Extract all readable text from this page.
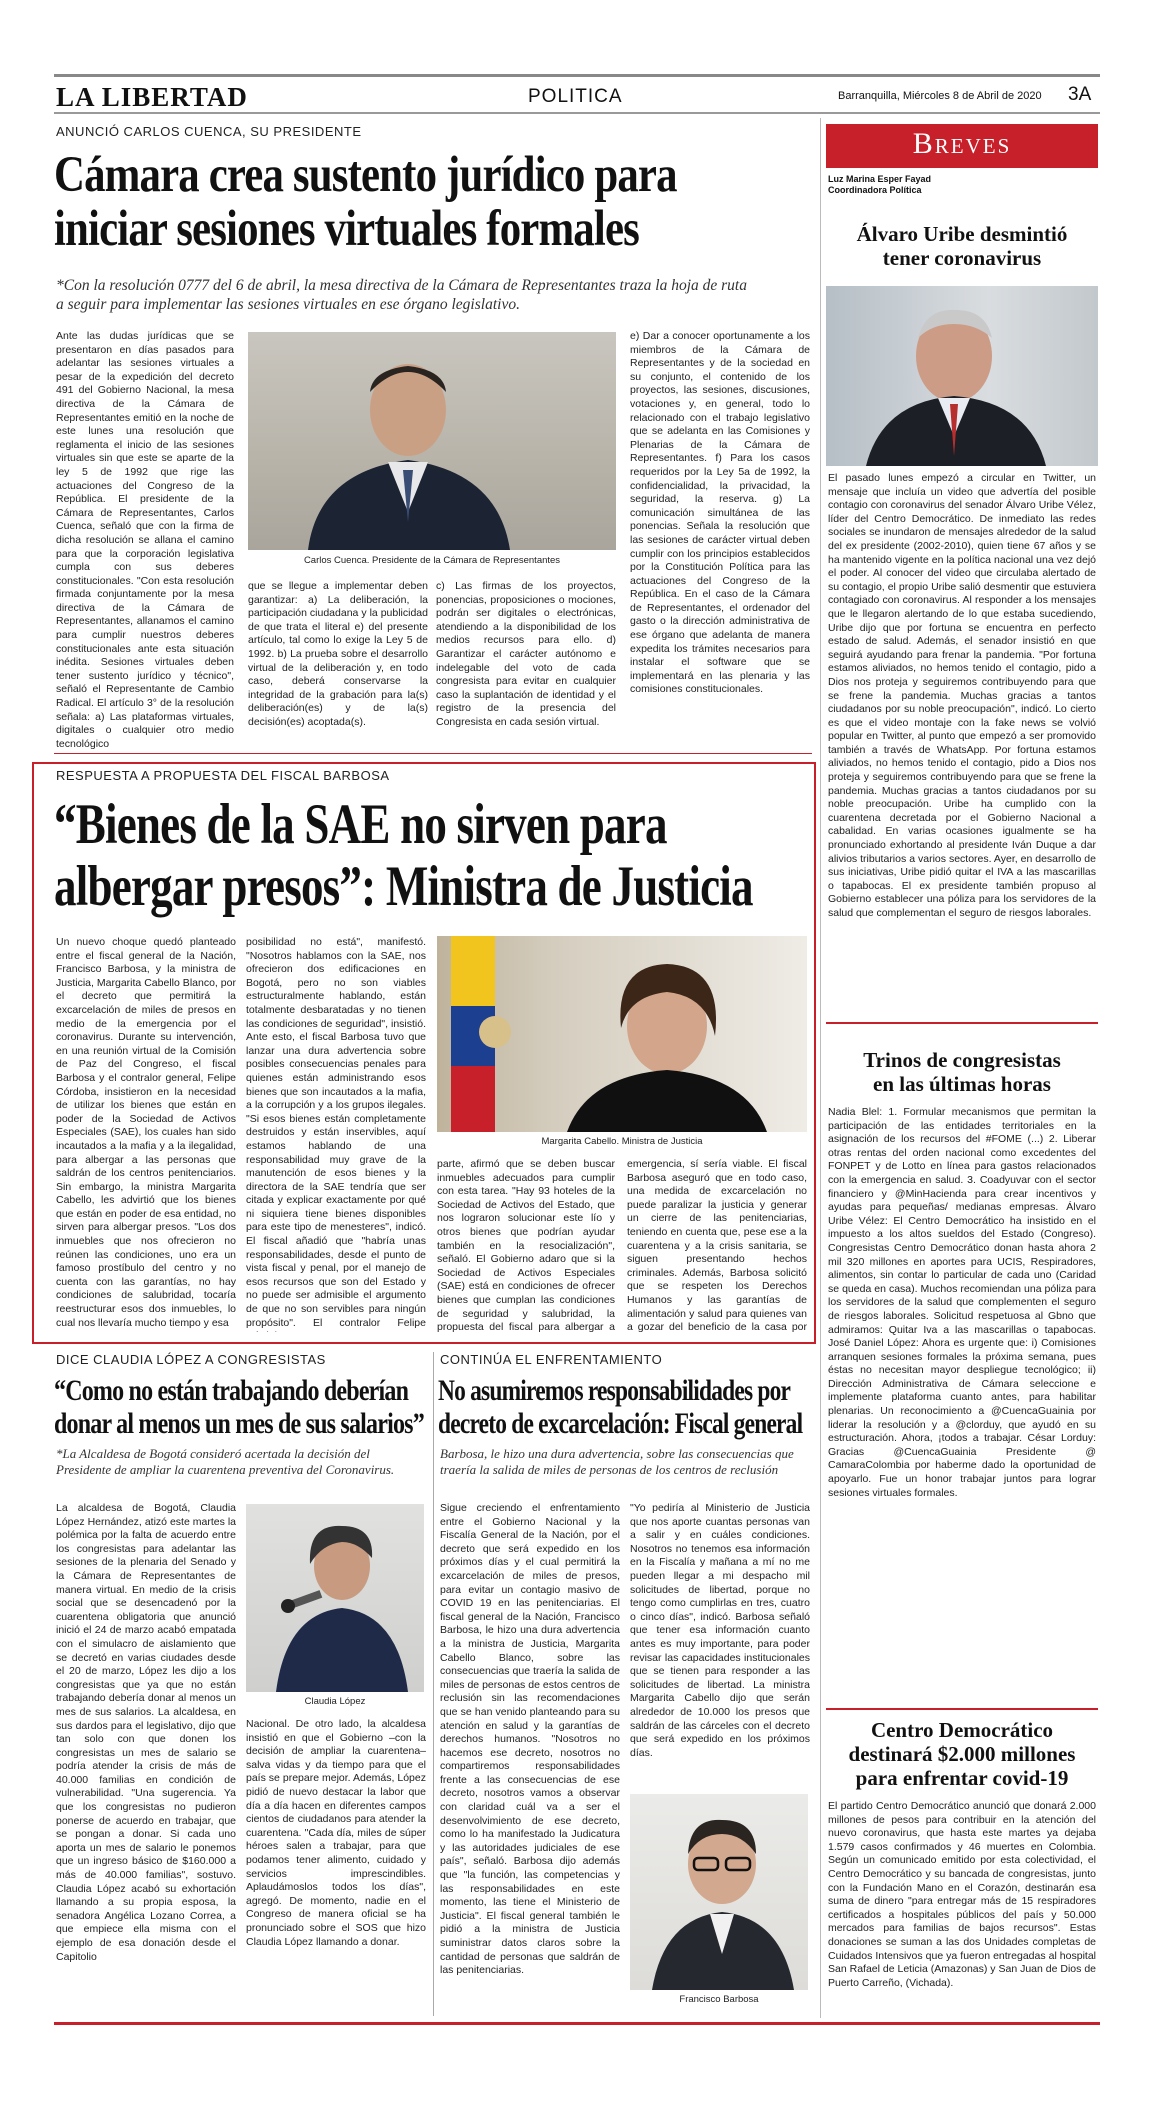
LA LIBERTAD	POLITICA	Barranquilla, Miércoles 8 de Abril de 2020 3A
ANUNCIÓ CARLOS CUENCA, SU PRESIDENTE
Cámara crea sustento jurídico para
iniciar sesiones virtuales formales
*Con la resolución 0777 del 6 de abril, la mesa directiva de la Cámara de Representantes traza la hoja de ruta
a seguir para implementar las sesiones virtuales en ese órgano legislativo.
Ante las dudas jurídicas que se presentaron en días pasados para adelantar las sesiones virtuales a pesar de la expedición del decreto 491 del Gobierno Nacional, la mesa directiva de la Cámara de Representantes emitió en la noche de este lunes una resolución que reglamenta el inicio de las sesiones virtuales sin que este se aparte de la ley 5 de 1992 que rige las actuaciones del Congreso de la República. El presidente de la Cámara de Representantes, Carlos Cuenca, señaló que con la firma de dicha resolución se allana el camino para que la corporación legislativa cumpla con sus deberes constitucionales. "Con esta resolución firmada conjuntamente por la mesa directiva de la Cámara de Representantes, allanamos el camino para cumplir nuestros deberes constitucionales ante esta situación inédita. Sesiones virtuales deben tener sustento jurídico y técnico", señaló el Representante de Cambio Radical. El artículo 3° de la resolución señala: a) Las plataformas virtuales, digitales o cualquier otro medio tecnológico
Carlos Cuenca. Presidente de la Cámara de Representantes
que se llegue a implementar deben garantizar: a) La deliberación, la participación ciudadana y la publicidad de que trata el literal e) del presente artículo, tal como lo exige la Ley 5 de 1992. b) La prueba sobre el desarrollo virtual de la deliberación y, en todo caso, deberá conservarse la integridad de la grabación para la(s) deliberación(es) y de la(s) decisión(es) acoptada(s).
c) Las firmas de los proyectos, ponencias, proposiciones o mociones, podrán ser digitales o electrónicas, atendiendo a la disponibilidad de los medios recursos para ello. d) Garantizar el carácter autónomo e indelegable del voto de cada congresista para evitar en cualquier caso la suplantación de identidad y el registro de la presencia del Congresista en cada sesión virtual.
e) Dar a conocer oportunamente a los miembros de la Cámara de Representantes y de la sociedad en su conjunto, el contenido de los proyectos, las sesiones, discusiones, votaciones y, en general, todo lo relacionado con el trabajo legislativo que se adelanta en las Comisiones y Plenarias de la Cámara de Representantes. f) Para los casos requeridos por la Ley 5a de 1992, la confidencialidad, la privacidad, la seguridad, la reserva. g) La comunicación simultánea de las ponencias. Señala la resolución que las sesiones de carácter virtual deben cumplir con los principios establecidos por la Constitución Política para las actuaciones del Congreso de la República. En el caso de la Cámara de Representantes, el ordenador del gasto o la dirección administrativa de ese órgano que adelanta de manera expedita los trámites necesarios para instalar el software que se implementará en las plenaria y las comisiones constitucionales.
RESPUESTA A PROPUESTA DEL FISCAL BARBOSA
“Bienes de la SAE no sirven para
albergar presos”: Ministra de Justicia
Un nuevo choque quedó planteado entre el fiscal general de la Nación, Francisco Barbosa, y la ministra de Justicia, Margarita Cabello Blanco, por el decreto que permitirá la excarcelación de miles de presos en medio de la emergencia por el coronavirus. Durante su intervención, en una reunión virtual de la Comisión de Paz del Congreso, el fiscal Barbosa y el contralor general, Felipe Córdoba, insistieron en la necesidad de utilizar los bienes que están en poder de la Sociedad de Activos Especiales (SAE), los cuales han sido incautados a la mafia y a la ilegalidad, para albergar a las personas que saldrán de los centros penitenciarios. Sin embargo, la ministra Margarita Cabello, les advirtió que los bienes que están en poder de esa entidad, no sirven para albergar presos. "Los dos inmuebles que nos ofrecieron no reúnen las condiciones, uno era un famoso prostíbulo del centro y no cuenta con las garantías, no hay condiciones de salubridad, tocaría reestructurar esos dos inmuebles, lo cual nos llevaría mucho tiempo y esa
posibilidad no está", manifestó. "Nosotros hablamos con la SAE, nos ofrecieron dos edificaciones en Bogotá, pero no son viables estructuralmente hablando, están totalmente desbaratadas y no tienen las condiciones de seguridad", insistió. Ante esto, el fiscal Barbosa tuvo que lanzar una dura advertencia sobre posibles consecuencias penales para quienes están administrando esos bienes que son incautados a la mafia, a la corrupción y a los grupos ilegales. "Si esos bienes están completamente destruidos y están inservibles, aquí estamos hablando de una responsabilidad muy grave de la manutención de esos bienes y la directora de la SAE tendría que ser citada y explicar exactamente por qué ni siquiera tiene bienes disponibles para este tipo de menesteres", indicó. El fiscal añadió que "habría unas responsabilidades, desde el punto de vista fiscal y penal, por el manejo de esos recursos que son del Estado y no puede ser admisible el argumento de que no son servibles para ningún propósito". El contralor Felipe
Margarita Cabello. Ministra de Justicia
parte, afirmó que se deben buscar inmuebles adecuados para cumplir con esta tarea. "Hay 93 hoteles de la Sociedad de Activos del Estado, que nos lograron solucionar este lío y otros bienes que podrían ayudar también en la resocialización", señaló. El Gobierno adaro que si la Sociedad de Activos Especiales (SAE) está en condiciones de ofrecer bienes que cumplan las condiciones de seguridad y salubridad, la propuesta del fiscal para albergar a
emergencia, sí sería viable. El fiscal Barbosa aseguró que en todo caso, una medida de excarcelación no puede paralizar la justicia y generar un cierre de las penitenciarias, teniendo en cuenta que, pese ese a la cuarentena y a la crisis sanitaria, se siguen presentando hechos criminales. Además, Barbosa solicitó que se respeten los Derechos Humanos y las garantías de alimentación y salud para quienes van a gozar del beneficio de la casa por
DICE CLAUDIA LÓPEZ A CONGRESISTAS
“Como no están trabajando deberían
donar al menos un mes de sus salarios”
*La Alcaldesa de Bogotá consideró acertada la decisión del Presidente de ampliar la cuarentena preventiva del Coronavirus.
La alcaldesa de Bogotá, Claudia López Hernández, atizó este martes la polémica por la falta de acuerdo entre los congresistas para adelantar las sesiones de la plenaria del Senado y la Cámara de Representantes de manera virtual. En medio de la crisis social que se desencadenó por la cuarentena obligatoria que anunció inició el 24 de marzo acabó empatada con el simulacro de aislamiento que se decretó en varias ciudades desde el 20 de marzo, López les dijo a los congresistas que ya que no están trabajando debería donar al menos un mes de sus salarios. La alcaldesa, en sus dardos para el legislativo, dijo que tan solo con que donen los congresistas un mes de salario se podría atender la crisis de más de 40.000 familias en condición de vulnerabilidad. "Una sugerencia. Ya que los congresistas no pudieron ponerse de acuerdo en trabajar, que se pongan a donar. Si cada uno aporta un mes de salario le ponemos que un ingreso básico de $160.000 a más de 40.000 familias", sostuvo. Claudia López acabó su exhortación llamando a su propia esposa, la senadora Angélica Lozano Correa, a que empiece ella misma con el ejemplo de esa donación desde el Capitolio
Claudia López
Nacional. De otro lado, la alcaldesa insistió en que el Gobierno –con la decisión de ampliar la cuarentena– salva vidas y da tiempo para que el país se prepare mejor. Además, López pidió de nuevo destacar la labor que día a día hacen en diferentes campos cientos de ciudadanos para atender la cuarentena. "Cada día, miles de súper héroes salen a trabajar, para que podamos tener alimento, cuidado y servicios imprescindibles. Aplaudámoslos todos los días", agregó. De momento, nadie en el Congreso de manera oficial se ha pronunciado sobre el SOS que hizo Claudia López llamando a donar.
CONTINÚA EL ENFRENTAMIENTO
No asumiremos responsabilidades por
decreto de excarcelación: Fiscal general
Barbosa, le hizo una dura advertencia, sobre las consecuencias que traería la salida de miles de personas de los centros de reclusión
Sigue creciendo el enfrentamiento entre el Gobierno Nacional y la Fiscalía General de la Nación, por el decreto que será expedido en los próximos días y el cual permitirá la excarcelación de miles de presos, para evitar un contagio masivo de COVID 19 en las penitenciarias. El fiscal general de la Nación, Francisco Barbosa, le hizo una dura advertencia a la ministra de Justicia, Margarita Cabello Blanco, sobre las consecuencias que traería la salida de miles de personas de estos centros de reclusión sin las recomendaciones que se han venido planteando para su atención en salud y la garantías de derechos humanos. "Nosotros no hacemos ese decreto, nosotros no compartiremos responsabilidades frente a las consecuencias de ese decreto, nosotros vamos a observar con claridad cuál va a ser el desenvolvimiento de ese decreto, como lo ha manifestado la Judicatura y las autoridades judiciales de ese país", señaló. Barbosa dijo además que "la función, las competencias y las responsabilidades en este momento, las tiene el Ministerio de Justicia". El fiscal general también le pidió a la ministra de Justicia suministrar datos claros sobre la cantidad de personas que saldrán de las penitenciarias.
"Yo pediría al Ministerio de Justicia que nos aporte cuantas personas van a salir y en cuáles condiciones. Nosotros no tenemos esa información en la Fiscalía y mañana a mí no me pueden llegar a mi despacho mil solicitudes de libertad, porque no tengo como cumplirlas en tres, cuatro o cinco días", indicó. Barbosa señaló que tener esa información cuanto antes es muy importante, para poder revisar las capacidades institucionales que se tienen para responder a las solicitudes de libertad. La ministra Margarita Cabello dijo que serán alrededor de 10.000 los presos que saldrán de las cárceles con el decreto que será expedido en los próximos días.
Francisco Barbosa
Breves
Luz Marina Esper Fayad
Coordinadora Política
Álvaro Uribe desmintió
tener coronavirus
El pasado lunes empezó a circular en Twitter, un mensaje que incluía un video que advertía del posible contagio con coronavirus del senador Álvaro Uribe Vélez, líder del Centro Democrático. De inmediato las redes sociales se inundaron de mensajes alrededor de la salud del ex presidente (2002-2010), quien tiene 67 años y se ha mantenido vigente en la política nacional una vez dejó el poder. Al conocer del video que circulaba alertado de su contagio, el propio Uribe salió desmentir que estuviera contagiado con coronavirus. Al responder a los mensajes que le llegaron alertando de lo que estaba sucediendo, Uribe dijo que por fortuna se encuentra en perfecto estado de salud. Además, el senador insistió en que seguirá ayudando para frenar la pandemia. "Por fortuna estamos aliviados, no hemos tenido el contagio, pido a Dios nos proteja y seguiremos contribuyendo para que se frene la pandemia. Muchas gracias a tantos ciudadanos por su noble preocupación", indicó. Lo cierto es que el video montaje con la fake news se volvió popular en Twitter, al punto que empezó a ser promovido también a través de WhatsApp. Por fortuna estamos aliviados, no hemos tenido el contagio, pido a Dios nos proteja y seguiremos contribuyendo para que se frene la pandemia. Muchas gracias a tantos ciudadanos por su noble preocupación. Uribe ha cumplido con la cuarentena decretada por el Gobierno Nacional a cabalidad. En varias ocasiones igualmente se ha pronunciado exhortando al presidente Iván Duque a dar alivios tributarios a varios sectores. Ayer, en desarrollo de sus iniciativas, Uribe pidió quitar el IVA a las mascarillas o tapabocas. El ex presidente también propuso al Gobierno establecer una póliza para los servidores de la salud que complementan el seguro de riesgos laborales.
Trinos de congresistas
en las últimas horas
Nadia Blel: 1. Formular mecanismos que permitan la participación de las entidades territoriales en la asignación de los recursos del #FOME (...) 2. Liberar otras rentas del orden nacional como excedentes del FONPET y de Lotto en línea para gastos relacionados con la emergencia en salud. 3. Coadyuvar con el sector financiero y @MinHacienda para crear incentivos y ayudas para pequeñas/ medianas empresas. Álvaro Uribe Vélez: El Centro Democrático ha insistido en el impuesto a los altos sueldos del Estado (Congreso). Congresistas Centro Democrático donan hasta ahora 2 mil 320 millones en aportes para UCIS, Respiradores, alimentos, sin contar lo particular de cada uno (Caridad se queda en casa). Muchos recomiendan una póliza para los servidores de la salud que complementen el seguro de riesgos laborales. Solicitud respetuosa al Gbno que admiramos: Quitar Iva a las mascarillas o tapabocas. José Daniel López: Ahora es urgente que: i) Comisiones arranquen sesiones formales la próxima semana, pues éstas no necesitan mayor despliegue tecnológico; ii) Dirección Administrativa de Cámara seleccione e implemente plataforma cuanto antes, para habilitar plenarias. Un reconocimiento a @CuencaGuainia por liderar la resolución y a @clorduy, que ayudó en su estructuración. Ahora, ¡todos a trabajar. César Lorduy: Gracias @CuencaGuainia Presidente @ CamaraColombia por haberme dado la oportunidad de apoyarlo. Fue un honor trabajar juntos para lograr sesiones virtuales formales.
Centro Democrático
destinará $2.000 millones
para enfrentar covid-19
El partido Centro Democrático anunció que donará 2.000 millones de pesos para contribuir en la atención del nuevo coronavirus, que hasta este martes ya dejaba 1.579 casos confirmados y 46 muertes en Colombia. Según un comunicado emitido por esta colectividad, el Centro Democrático y su bancada de congresistas, junto con la Fundación Mano en el Corazón, destinarán esa suma de dinero "para entregar más de 15 respiradores certificados a hospitales públicos del país y 50.000 mercados para familias de bajos recursos". Estas donaciones se suman a las dos Unidades completas de Cuidados Intensivos que ya fueron entregadas al hospital San Rafael de Leticia (Amazonas) y San Juan de Dios de Puerto Carreño, (Vichada).
